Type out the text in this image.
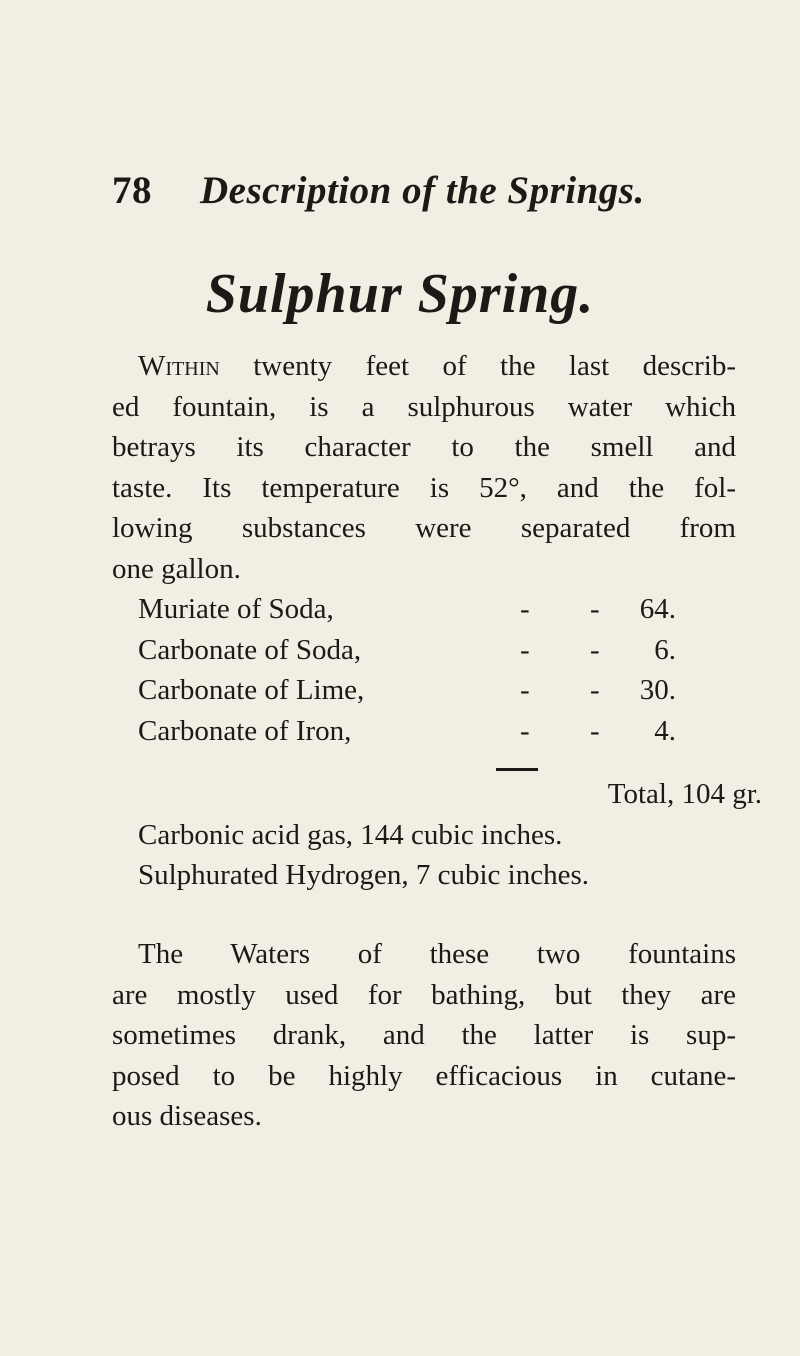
78 Description of the Springs.
Sulphur Spring.
Within twenty feet of the last describ-
ed fountain, is a sulphurous water which
betrays its character to the smell and
taste. Its temperature is 52°, and the fol-
lowing substances were separated from
one gallon.
Muriate of Soda,	- - 64.
Carbonate of Soda,	- - 6.
Carbonate of Lime,	- - 30.
Carbonate of Iron,	- - 4.
Total, 104 gr.
Carbonic acid gas, 144 cubic inches.
Sulphurated Hydrogen, 7 cubic inches.
The Waters of these two fountains
are mostly used for bathing, but they are
sometimes drank, and the latter is sup-
posed to be highly efficacious in cutane-
ous diseases.
